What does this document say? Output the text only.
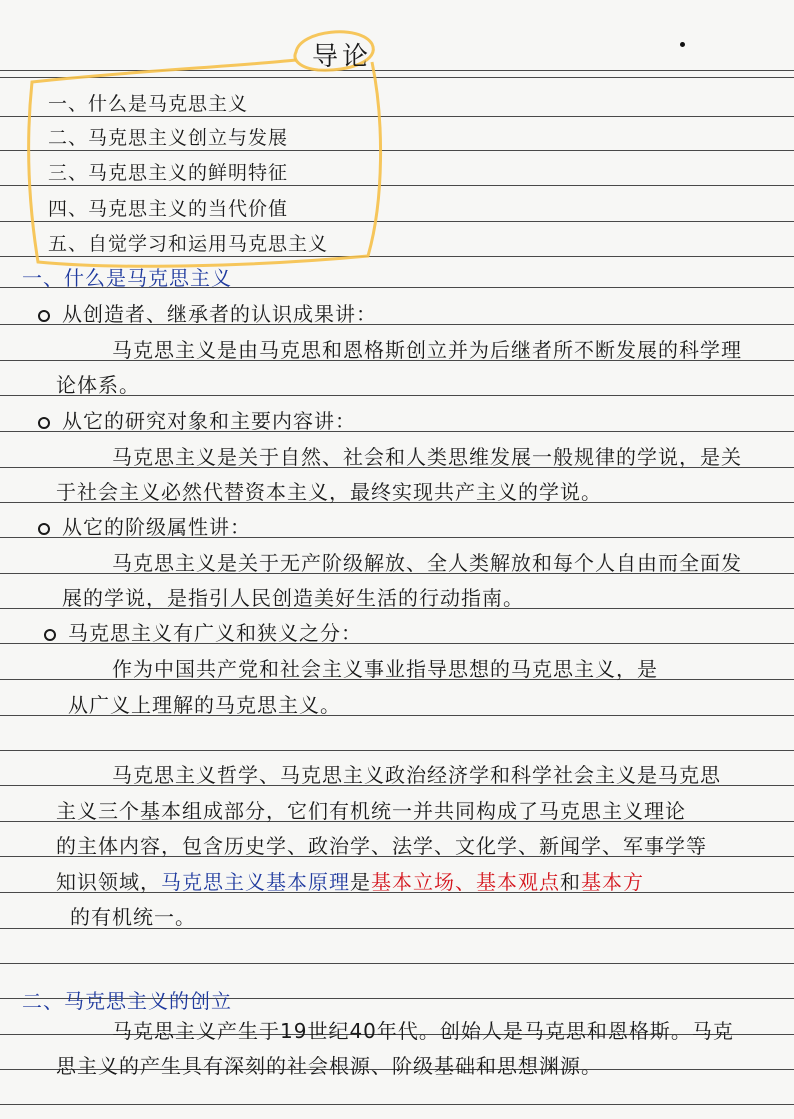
导论
一、什么是马克思主义
二、马克思主义创立与发展
三、马克思主义的鲜明特征
四、马克思主义的当代价值
五、自觉学习和运用马克思主义
一、什么是马克思主义
从创造者、继承者的认识成果讲：
马克思主义是由马克思和恩格斯创立并为后继者所不断发展的科学理
论体系。
从它的研究对象和主要内容讲：
马克思主义是关于自然、社会和人类思维发展一般规律的学说，是关
于社会主义必然代替资本主义，最终实现共产主义的学说。
从它的阶级属性讲：
马克思主义是关于无产阶级解放、全人类解放和每个人自由而全面发
展的学说，是指引人民创造美好生活的行动指南。
马克思主义有广义和狭义之分：
作为中国共产党和社会主义事业指导思想的马克思主义，是
从广义上理解的马克思主义。
马克思主义哲学、马克思主义政治经济学和科学社会主义是马克思
主义三个基本组成部分，它们有机统一并共同构成了马克思主义理论
的主体内容，包含历史学、政治学、法学、文化学、新闻学、军事学等
知识领域，马克思主义基本原理是基本立场、基本观点和基本方
的有机统一。
二、马克思主义的创立
马克思主义产生于19世纪40年代。创始人是马克思和恩格斯。马克
思主义的产生具有深刻的社会根源、阶级基础和思想渊源。
